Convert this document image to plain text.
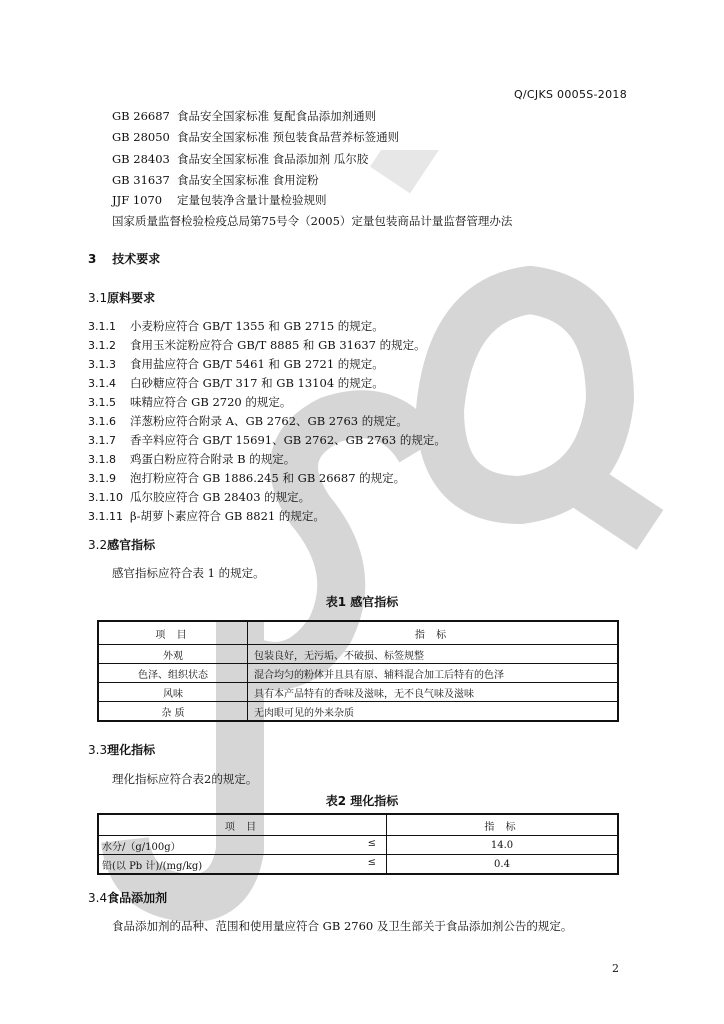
Q/CJKS 0005S-2018
GB 26687 食品安全国家标准 复配食品添加剂通则
GB 28050 食品安全国家标准 预包装食品营养标签通则
GB 28403 食品安全国家标准 食品添加剂 瓜尔胶
GB 31637 食品安全国家标准 食用淀粉
JJF 1070 定量包装净含量计量检验规则
国家质量监督检验检疫总局第75号令（2005）定量包装商品计量监督管理办法
3 技术要求
3.1原料要求
3.1.1 小麦粉应符合 GB/T 1355 和 GB 2715 的规定。
3.1.2 食用玉米淀粉应符合 GB/T 8885 和 GB 31637 的规定。
3.1.3 食用盐应符合 GB/T 5461 和 GB 2721 的规定。
3.1.4 白砂糖应符合 GB/T 317 和 GB 13104 的规定。
3.1.5 味精应符合 GB 2720 的规定。
3.1.6 洋葱粉应符合附录 A、GB 2762、GB 2763 的规定。
3.1.7 香辛料应符合 GB/T 15691、GB 2762、GB 2763 的规定。
3.1.8 鸡蛋白粉应符合附录 B 的规定。
3.1.9 泡打粉应符合 GB 1886.245 和 GB 26687 的规定。
3.1.10 瓜尔胶应符合 GB 28403 的规定。
3.1.11 β-胡萝卜素应符合 GB 8821 的规定。
3.2感官指标
感官指标应符合表 1 的规定。
表1 感官指标
项 目	指 标
外观	包装良好，无污垢、不破损、标签规整
色泽、组织状态	混合均匀的粉体并且具有原、辅料混合加工后特有的色泽
风味	具有本产品特有的香味及滋味，无不良气味及滋味
杂 质	无肉眼可见的外来杂质
3.3理化指标
理化指标应符合表2的规定。
表2 理化指标
项 目	指 标
水分/（g/100g） ≤	14.0
铅(以 Pb 计)/(mg/kg) ≤	0.4
3.4食品添加剂
食品添加剂的品种、范围和使用量应符合 GB 2760 及卫生部关于食品添加剂公告的规定。
2
